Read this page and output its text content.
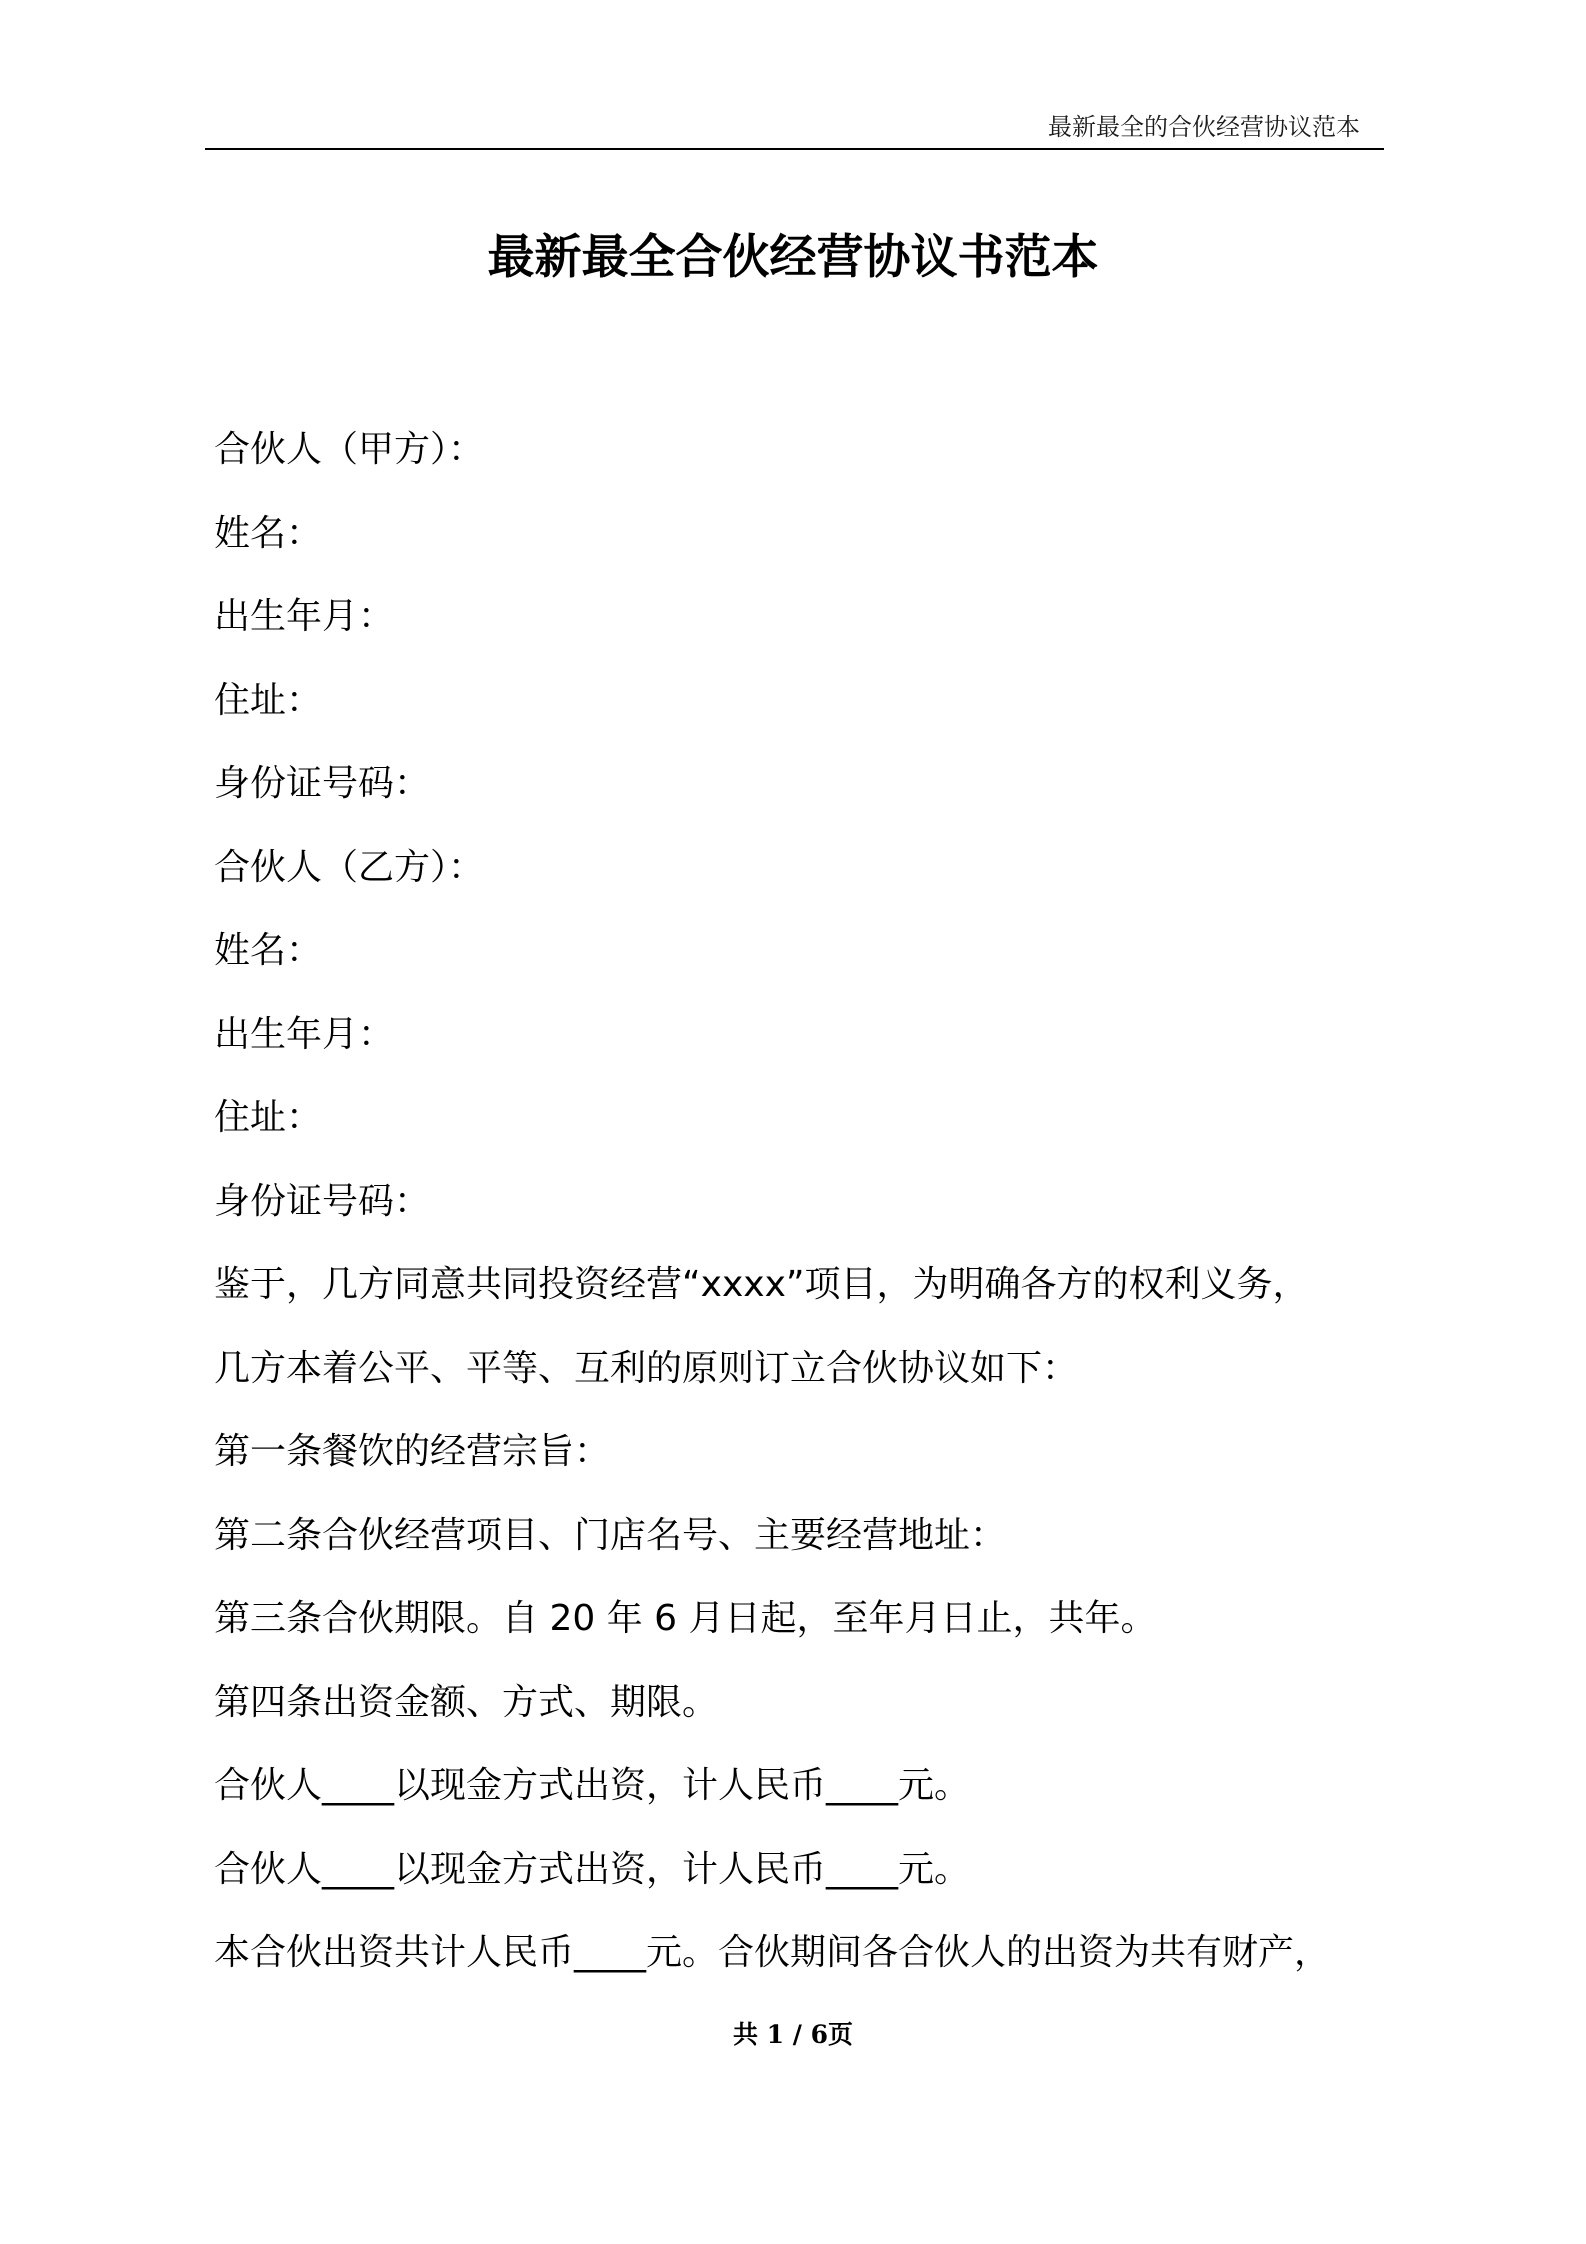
最新最全的合伙经营协议范本
最新最全合伙经营协议书范本
合伙人（甲方）：
姓名：
出生年月：
住址：
身份证号码：
合伙人（乙方）：
姓名：
出生年月：
住址：
身份证号码：
鉴于，几方同意共同投资经营“xxxx”项目，为明确各方的权利义务，
几方本着公平、平等、互利的原则订立合伙协议如下：
第一条餐饮的经营宗旨：
第二条合伙经营项目、门店名号、主要经营地址：
第三条合伙期限。自 20 年 6 月日起，至年月日止，共年。
第四条出资金额、方式、期限。
合伙人____以现金方式出资，计人民币____元。
合伙人____以现金方式出资，计人民币____元。
本合伙出资共计人民币____元。合伙期间各合伙人的出资为共有财产，
共 1 / 6页
